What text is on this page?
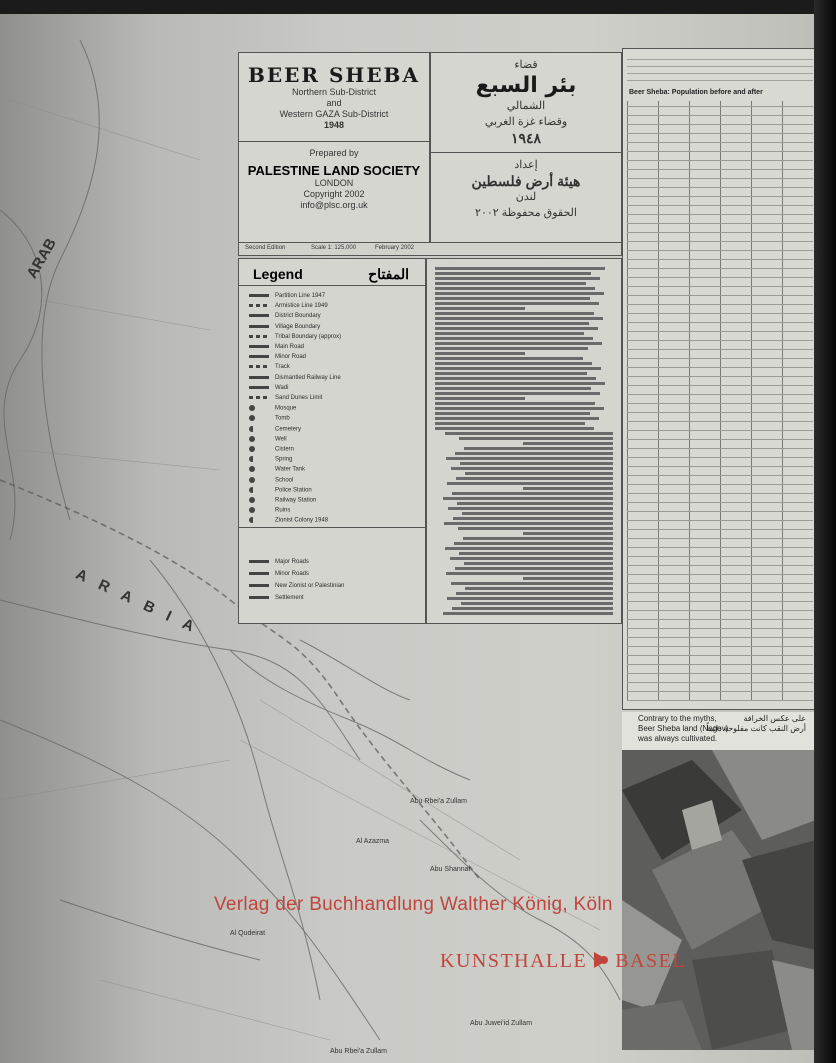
ARAB
ARABIA
Abu Rbei'a Zullam
Al Azazma
Abu Shannar
Al Qudeirat
Abu Juwei'id Zullam
Abu Rbei'a Zullam
BEER SHEBA
Northern Sub-District
and
Western GAZA Sub-District
1948
Prepared by
PALESTINE LAND SOCIETY
LONDON
Copyright 2002
info@plsc.org.uk
قضاء
بئر السبع
الشمالي
وقضاء غزة الغربي
١٩٤٨
إعداد
هيئة أرض فلسطين
لندن
الحقوق محفوظة ٢٠٠٢
Second Edition	Scale 1: 125,000	February 2002
Legend	المفتاح
Partition Line 1947
Armistice Line 1949
District Boundary
Village Boundary
Tribal Boundary (approx)
Main Road
Minor Road
Track
Dismantled Railway Line
Wadi
Sand Dunes Limit
Mosque
Tomb
Cemetery
Well
Cistern
Spring
Water Tank
School
Police Station
Railway Station
Ruins
Zionist Colony 1948
Major Roads
Minor Roads
New Zionist or Palestinian
Settlement
Beer Sheba: Population before and after
Contrary to the myths,
Beer Sheba land (Negev)
was always cultivated.
على عكس الخرافة
أرض النقب كانت مفلوحة دائماً
Verlag der Buchhandlung Walther König, Köln
KUNSTHALLE BASEL
